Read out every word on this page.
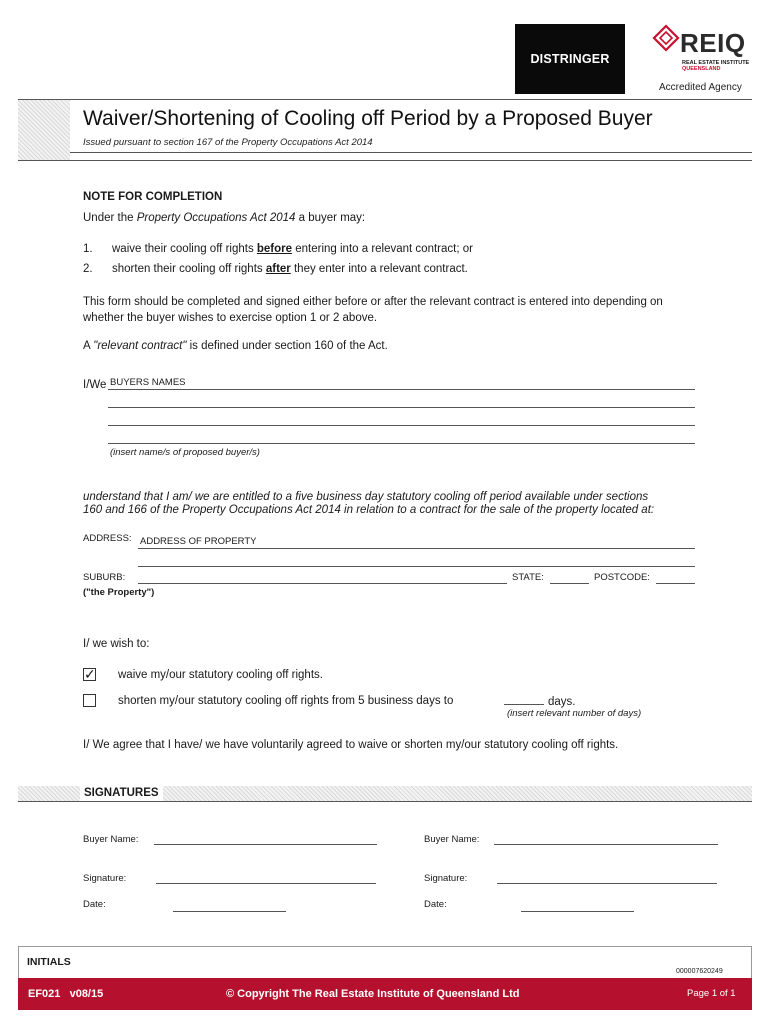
DISTRINGER
REIQ
REAL ESTATE INSTITUTE
QUEENSLAND
Accredited Agency
Waiver/Shortening of Cooling off Period by a Proposed Buyer
Issued pursuant to section 167 of the Property Occupations Act 2014
NOTE FOR COMPLETION
Under the Property Occupations Act 2014 a buyer may:
1. waive their cooling off rights before entering into a relevant contract; or
2. shorten their cooling off rights after they enter into a relevant contract.
This form should be completed and signed either before or after the relevant contract is entered into depending on
whether the buyer wishes to exercise option 1 or 2 above.
A "relevant contract" is defined under section 160 of the Act.
I/We BUYERS NAMES
(insert name/s of proposed buyer/s)
understand that I am/ we are entitled to a five business day statutory cooling off period available under sections
160 and 166 of the Property Occupations Act 2014 in relation to a contract for the sale of the property located at:
ADDRESS: ADDRESS OF PROPERTY
SUBURB:	STATE:	POSTCODE:
("the Property")
I/ we wish to:
✓ waive my/our statutory cooling off rights.
shorten my/our statutory cooling off rights from 5 business days to	days.
(insert relevant number of days)
I/ We agree that I have/ we have voluntarily agreed to waive or shorten my/our statutory cooling off rights.
SIGNATURES
Buyer Name:	Buyer Name:
Signature:	Signature:
Date:	Date:
INITIALS
000007620249
EF021   v08/15	© Copyright The Real Estate Institute of Queensland Ltd	Page 1 of 1
